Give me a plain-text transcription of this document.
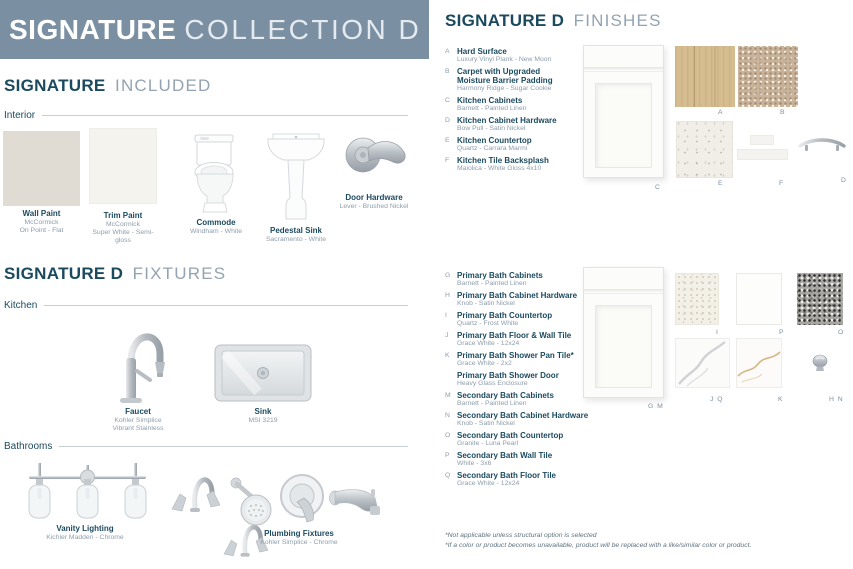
SIGNATURE COLLECTION D
SIGNATURE INCLUDED
Interior
Wall Paint
McCormick
On Point - Flat
Trim Paint
McCormick
Super White - Semi-gloss
Commode
Windham - White	Pedestal Sink
Sacramento - White
Door Hardware
Lever - Brushed Nickel
SIGNATURE D FIXTURES
Kitchen
Faucet
Kohler Simplice
Vibrant Stainless
Sink
MSI 3219
Bathrooms
Vanity Lighting
Kichler Madden - Chrome	Plumbing Fixtures
Kohler Simplice - Chrome
SIGNATURE D FINISHES
A Hard Surface
Luxury Vinyl Plank - New Moon
B Carpet with Upgraded Moisture Barrier Padding
Harmony Ridge - Sugar Cookie
C Kitchen Cabinets
Barnett - Painted Linen
D Kitchen Cabinet Hardware
Bow Pull - Satin Nickel
E Kitchen Countertop
Quartz - Carrara Marmi
F Kitchen Tile Backsplash
Maiolica - White Gloss 4x10
C
A	B
E	F	D
G Primary Bath Cabinets
Barnett - Painted Linen
H Primary Bath Cabinet Hardware
Knob - Satin Nickel
I	Primary Bath Countertop
Quartz - Frost White
J	Primary Bath Floor & Wall Tile
Grace White - 12x24
K Primary Bath Shower Pan Tile*
Grace White - 2x2
Primary Bath Shower Door
Heavy Glass Enclosure
M Secondary Bath Cabinets
Barnett - Painted Linen
N Secondary Bath Cabinet Hardware
Knob - Satin Nickel
O Secondary Bath Countertop
Granite - Luna Pearl
P Secondary Bath Wall Tile
White - 3x6
Q Secondary Bath Floor Tile
Grace White - 12x24
G M
I	P	O
J Q	K	H N
*Not applicable unless structural option is selected
*If a color or product becomes unavailable, product will be replaced with a like/similar color or product.
